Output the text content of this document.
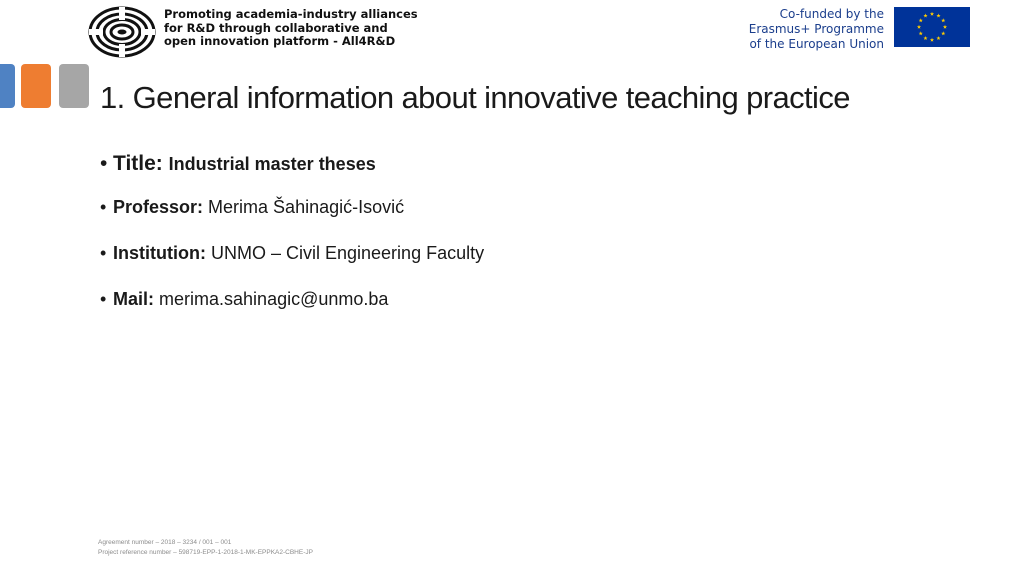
Promoting academia-industry alliances
for R&D through collaborative and
open innovation platform - All4R&D
Co-funded by the
Erasmus+ Programme
of the European Union
1. General information about innovative teaching practice
• Title: Industrial master theses
• Professor: Merima Šahinagić-Isović
• Institution: UNMO – Civil Engineering Faculty
• Mail: merima.sahinagic@unmo.ba
Agreement number – 2018 – 3234 / 001 – 001
Project reference number – 598719-EPP-1-2018-1-MK-EPPKA2-CBHE-JP
